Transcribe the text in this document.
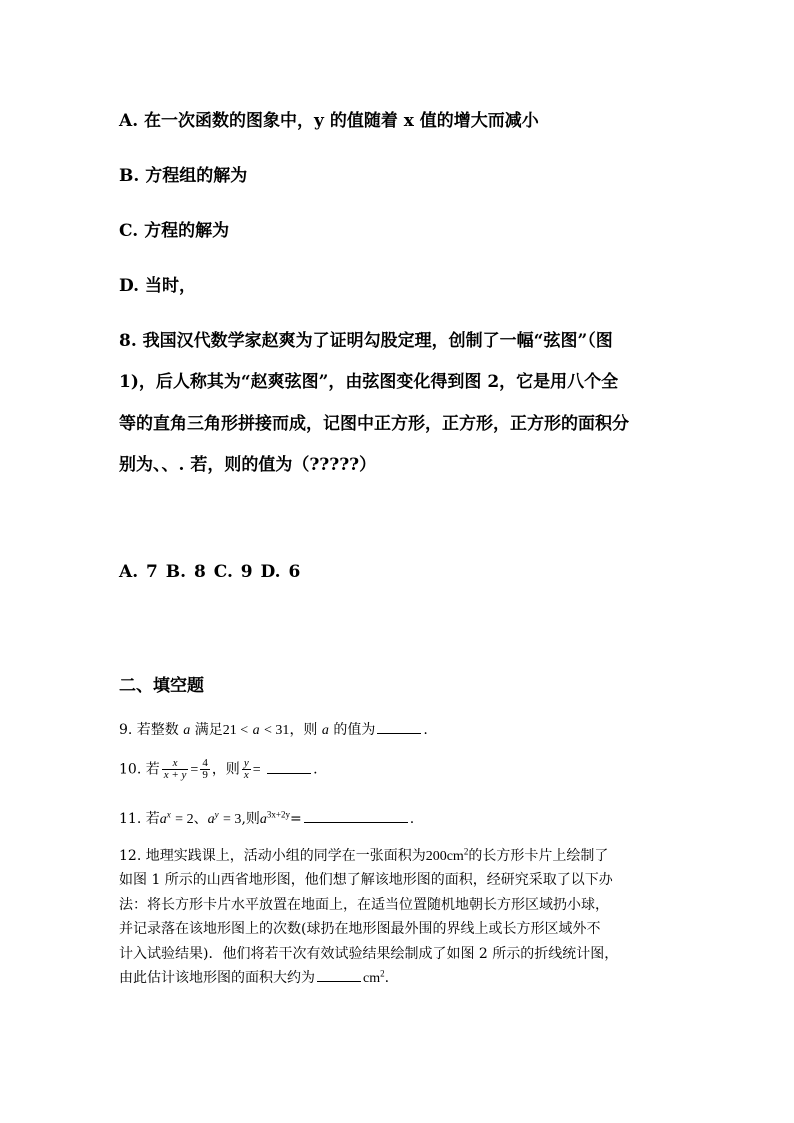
A. 在一次函数的图象中，y 的值随着 x 值的增大而减小
B. 方程组的解为
C. 方程的解为
D. 当时，
8. 我国汉代数学家赵爽为了证明勾股定理，创制了一幅“弦图”（图
1)，后人称其为“赵爽弦图”，由弦图变化得到图 2，它是用八个全
等的直角三角形拼接而成，记图中正方形，正方形，正方形的面积分
别为、、. 若，则的值为（?????）
A. 7 B. 8 C. 9 D. 6
二、填空题
9. 若整数 a 满足21 < a < 31，则 a 的值为	.
10. 若 $\frac{x}{x + y} = \frac{4}{9}$ ，则 $\frac{y}{x}$ =	.
11. 若$a^x = 2$、$a^y = 3$,则$a^{3x+2y}=$	.
12. 地理实践课上，活动小组的同学在一张面积为$200cm^2$的长方形卡片上绘制了
如图 1 所示的山西省地形图，他们想了解该地形图的面积，经研究采取了以下办
法：将长方形卡片水平放置在地面上，在适当位置随机地朝长方形区域扔小球，
并记录落在该地形图上的次数(球扔在地形图最外围的界线上或长方形区域外不
计入试验结果)．他们将若干次有效试验结果绘制成了如图 2 所示的折线统计图，
由此估计该地形图的面积大约为	$cm^2$.
